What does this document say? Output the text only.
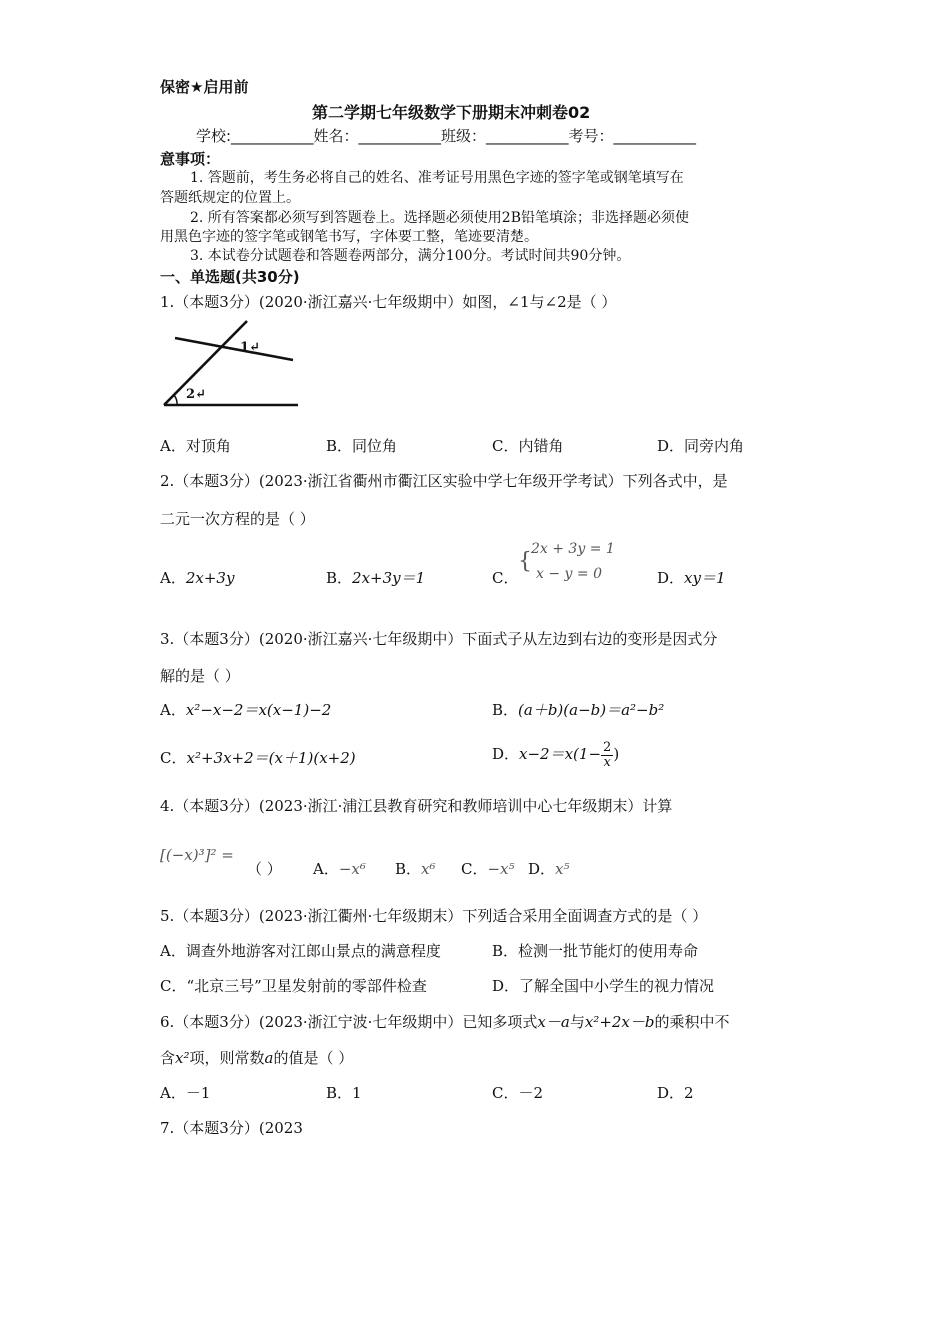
保密★启用前
第二学期七年级数学下册期末冲刺卷02
学校:___________姓名：___________班级：___________考号：___________
意事项：
1. 答题前，考生务必将自己的姓名、准考证号用黑色字迹的签字笔或钢笔填写在
答题纸规定的位置上。
2. 所有答案都必须写到答题卷上。选择题必须使用2B铅笔填涂；非选择题必须使
用黑色字迹的签字笔或钢笔书写，字体要工整，笔迹要清楚。
3. 本试卷分试题卷和答题卷两部分，满分100分。考试时间共90分钟。
一、单选题(共30分)
1.（本题3分）(2020·浙江嘉兴·七年级期中）如图，∠1与∠2是（ ）
1↵
2↵
A．对顶角	B．同位角	C．内错角	D．同旁内角
2.（本题3分）(2023·浙江省衢州市衢江区实验中学七年级开学考试）下列各式中，是
二元一次方程的是（ ）
A．2x+3y	B．2x+3y＝1	C．
{ 2x + 3y = 1
x − y = 0	D．xy＝1
3.（本题3分）(2020·浙江嘉兴·七年级期中）下面式子从左边到右边的变形是因式分
解的是（ ）
A．x²−x−2＝x(x−1)−2	B．(a＋b)(a−b)＝a²−b²
C．x²+3x+2＝(x＋1)(x+2)	D．$x-2=x(1- \frac{2}{x}$ )
4.（本题3分）(2023·浙江·浦江县教育研究和教师培训中心七年级期末）计算
[(−x)³]² =
（ ） A．−x⁶ B．x⁶ C．−x⁵ D．x⁵
5.（本题3分）(2023·浙江衢州·七年级期末）下列适合采用全面调查方式的是（ ）
A．调查外地游客对江郎山景点的满意程度	B．检测一批节能灯的使用寿命
C．“北京三号”卫星发射前的零部件检查	D．了解全国中小学生的视力情况
6.（本题3分）(2023·浙江宁波·七年级期中）已知多项式x－a与x²+2x－b的乘积中不
含x²项，则常数a的值是（ ）
A．－1	B．1	C．－2	D．2
7.（本题3分）(2023
